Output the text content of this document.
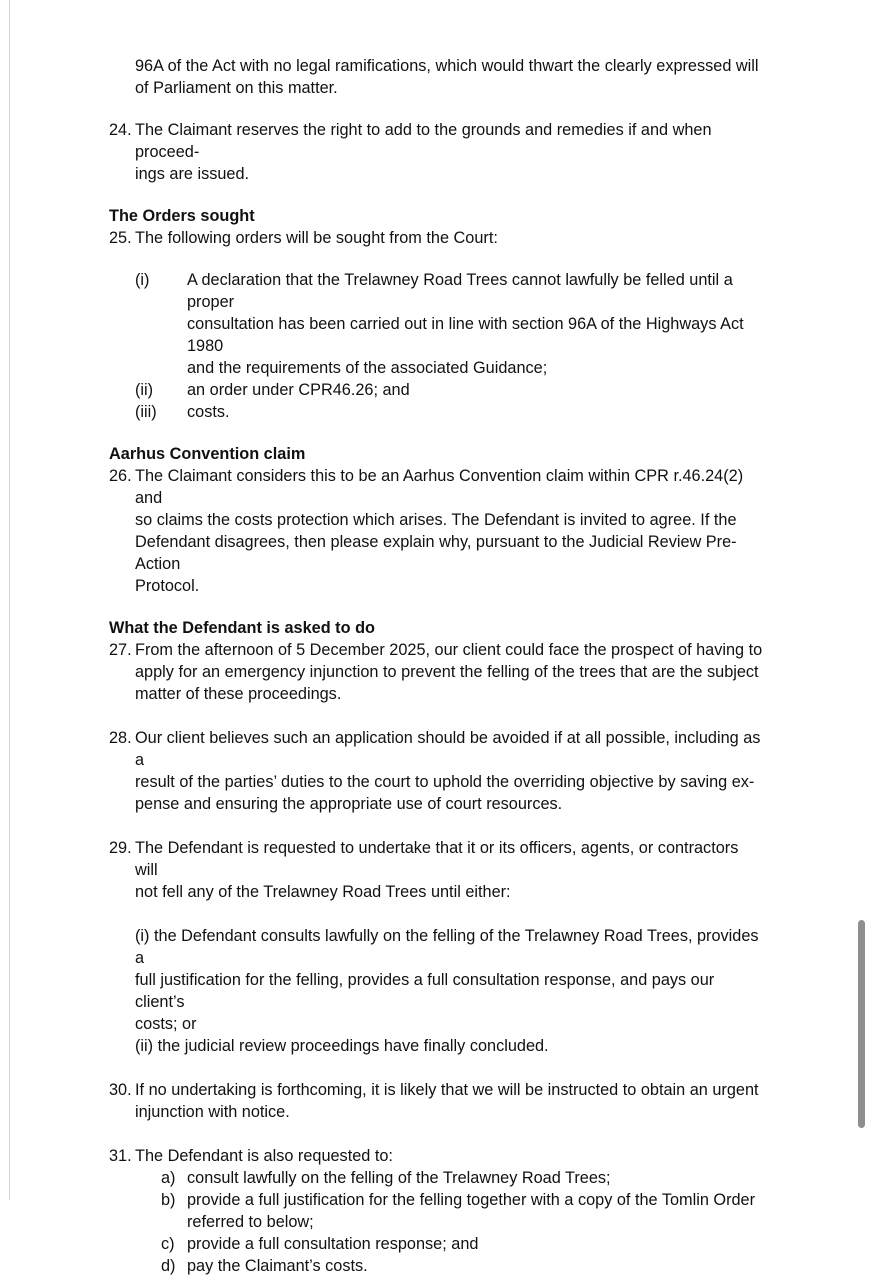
96A of the Act with no legal ramifications, which would thwart the clearly expressed will
of Parliament on this matter.
24. The Claimant reserves the right to add to the grounds and remedies if and when proceed-
ings are issued.
The Orders sought
25. The following orders will be sought from the Court:
(i) A declaration that the Trelawney Road Trees cannot lawfully be felled until a proper
consultation has been carried out in line with section 96A of the Highways Act 1980
and the requirements of the associated Guidance;
(ii) an order under CPR46.26; and
(iii) costs.
Aarhus Convention claim
26. The Claimant considers this to be an Aarhus Convention claim within CPR r.46.24(2) and
so claims the costs protection which arises. The Defendant is invited to agree. If the
Defendant disagrees, then please explain why, pursuant to the Judicial Review Pre-Action
Protocol.
What the Defendant is asked to do
27. From the afternoon of 5 December 2025, our client could face the prospect of having to
apply for an emergency injunction to prevent the felling of the trees that are the subject
matter of these proceedings.
28. Our client believes such an application should be avoided if at all possible, including as a
result of the parties’ duties to the court to uphold the overriding objective by saving ex-
pense and ensuring the appropriate use of court resources.
29. The Defendant is requested to undertake that it or its officers, agents, or contractors will
not fell any of the Trelawney Road Trees until either:
(i) the Defendant consults lawfully on the felling of the Trelawney Road Trees, provides a
full justification for the felling, provides a full consultation response, and pays our client’s
costs; or
(ii) the judicial review proceedings have finally concluded.
30. If no undertaking is forthcoming, it is likely that we will be instructed to obtain an urgent
injunction with notice.
31. The Defendant is also requested to:
a) consult lawfully on the felling of the Trelawney Road Trees;
b) provide a full justification for the felling together with a copy of the Tomlin Order
referred to below;
c) provide a full consultation response; and
d) pay the Claimant’s costs.
